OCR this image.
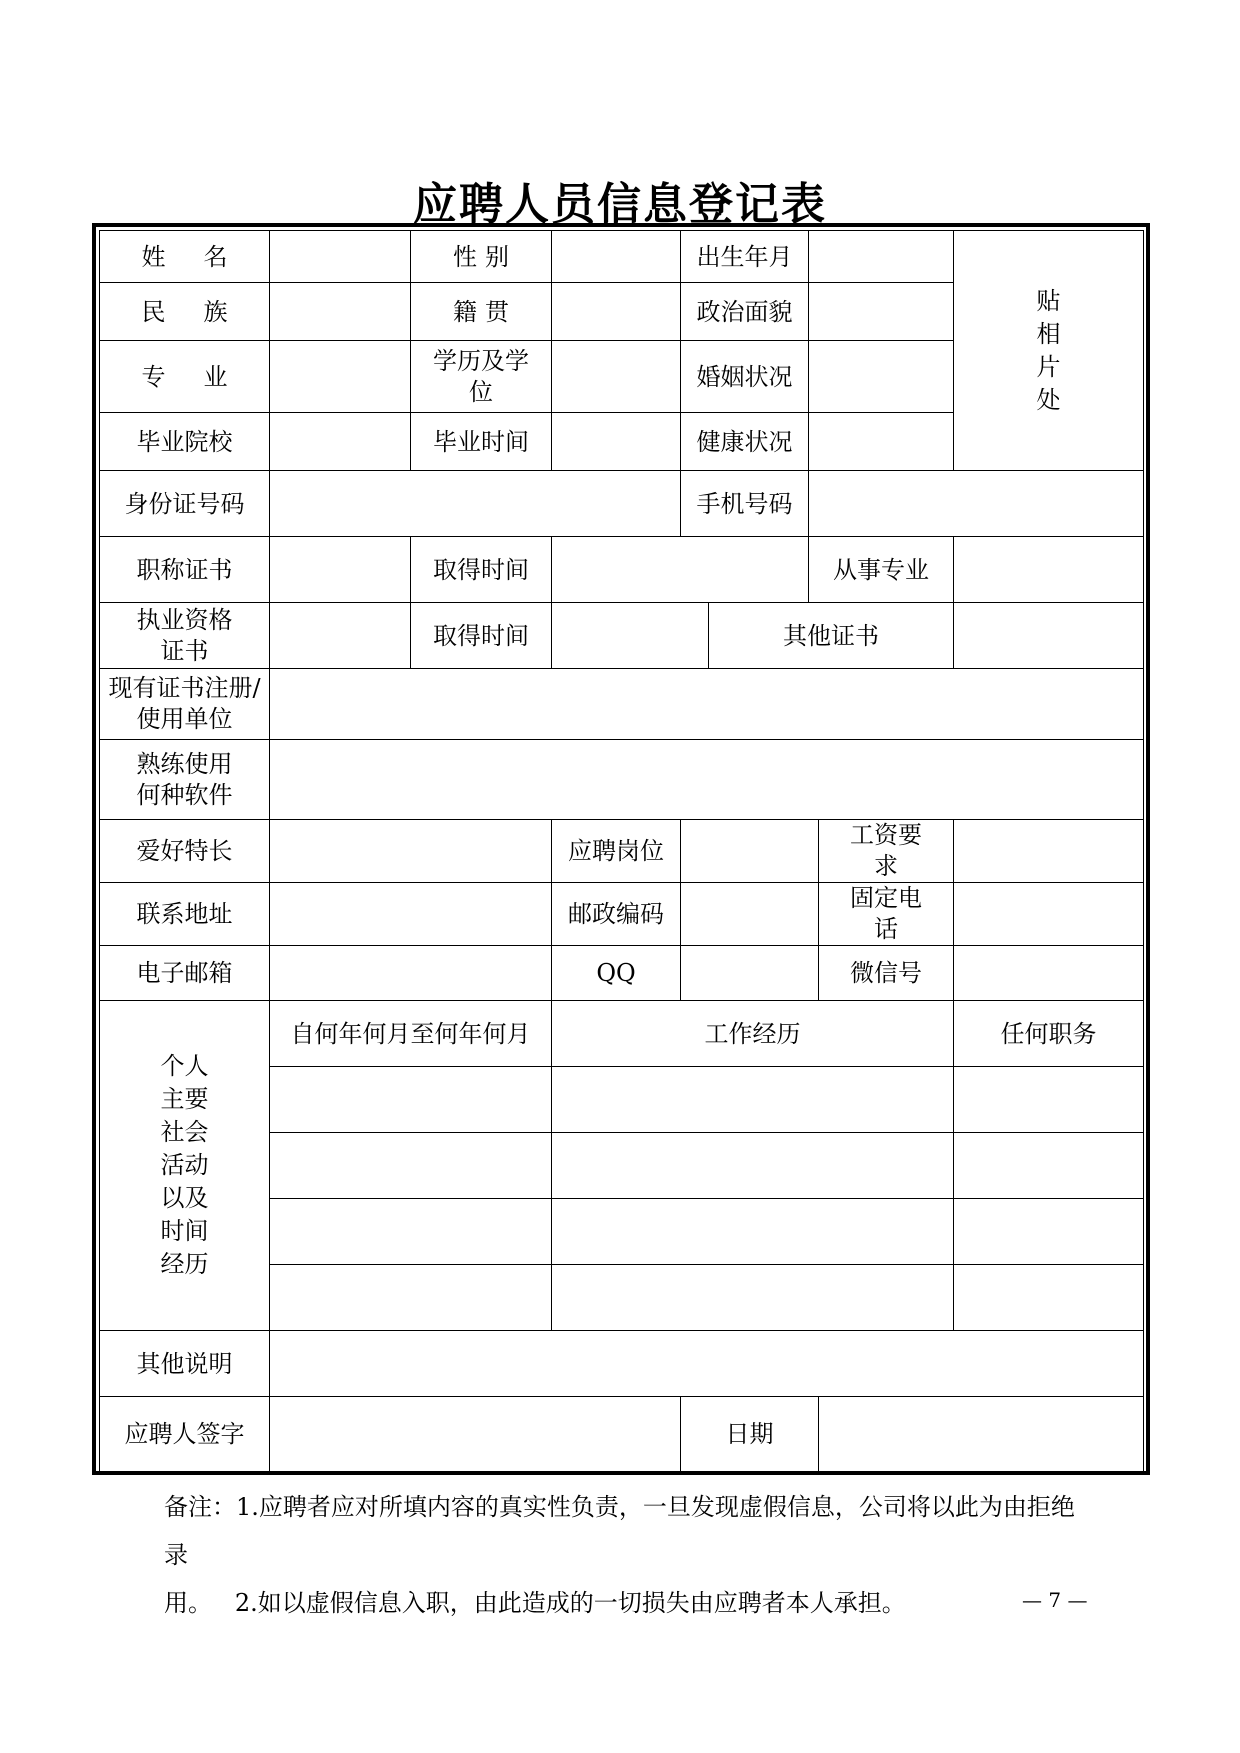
应聘人员信息登记表
姓名		性别		出生年月				贴相片处
民族		籍贯		政治面貌				
专业		学历及学位		婚姻状况				
毕业院校		毕业时间		健康状况				
身份证号码				手机号码				
职称证书		取得时间				从事专业		
执业资格证书		取得时间			其他证书			
现有证书注册/使用单位								
熟练使用何种软件								
爱好特长			应聘岗位				工资要求	
联系地址			邮政编码				固定电话	
电子邮箱			QQ				微信号	
个人主要社会活动以及时间经历	自何年何月至何年何月		工作经历					任何职务

其他说明								
应聘人签字				日期				
备注：1.应聘者应对所填内容的真实性负责，一旦发现虚假信息，公司将以此为由拒绝录
用。   2.如以虚假信息入职，由此造成的一切损失由应聘者本人承担。	— 7 —
